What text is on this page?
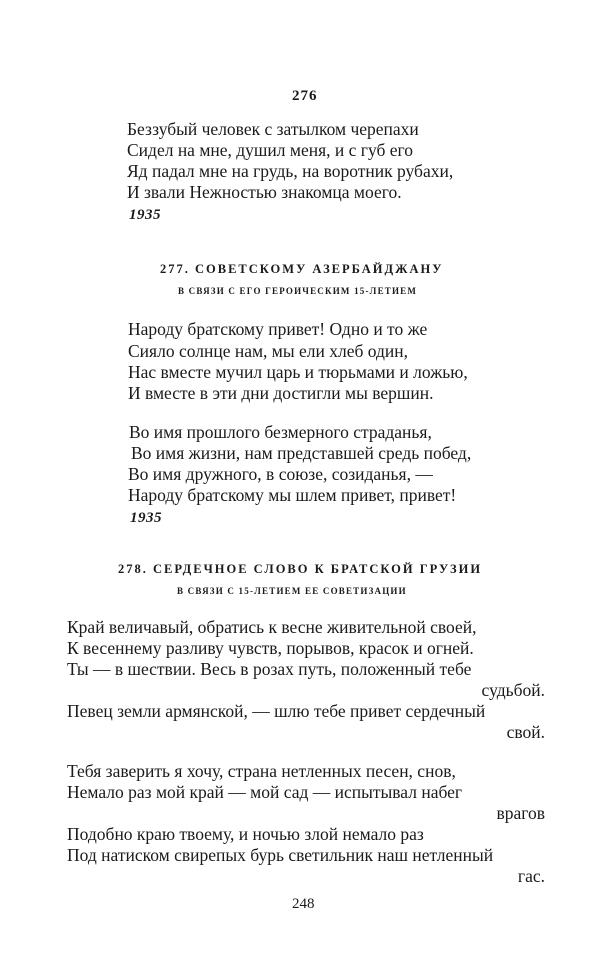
276
Беззубый человек с затылком черепахи
Сидел на мне, душил меня, и с губ его
Яд падал мне на грудь, на воротник рубахи,
И звали Нежностью знакомца моего.
1935
277. СОВЕТСКОМУ АЗЕРБАЙДЖАНУ
В СВЯЗИ С ЕГО ГЕРОИЧЕСКИМ 15-ЛЕТИЕМ
Народу братскому привет! Одно и то же
Сияло солнце нам, мы ели хлеб один,
Нас вместе мучил царь и тюрьмами и ложью,
И вместе в эти дни достигли мы вершин.
Во имя прошлого безмерного страданья,
Во имя жизни, нам представшей средь побед,
Во имя дружного, в союзе, созиданья, —
Народу братскому мы шлем привет, привет!
1935
278. СЕРДЕЧНОЕ СЛОВО К БРАТСКОЙ ГРУЗИИ
В СВЯЗИ С 15-ЛЕТИЕМ ЕЕ СОВЕТИЗАЦИИ
Край величавый, обратись к весне живительной своей,
К весеннему разливу чувств, порывов, красок и огней.
Ты — в шествии. Весь в розах путь, положенный тебе
судьбой.
Певец земли армянской, — шлю тебе привет сердечный
свой.
Тебя заверить я хочу, страна нетленных песен, снов,
Немало раз мой край — мой сад — испытывал набег
врагов
Подобно краю твоему, и ночью злой немало раз
Под натиском свирепых бурь светильник наш нетленный
гас.
248
